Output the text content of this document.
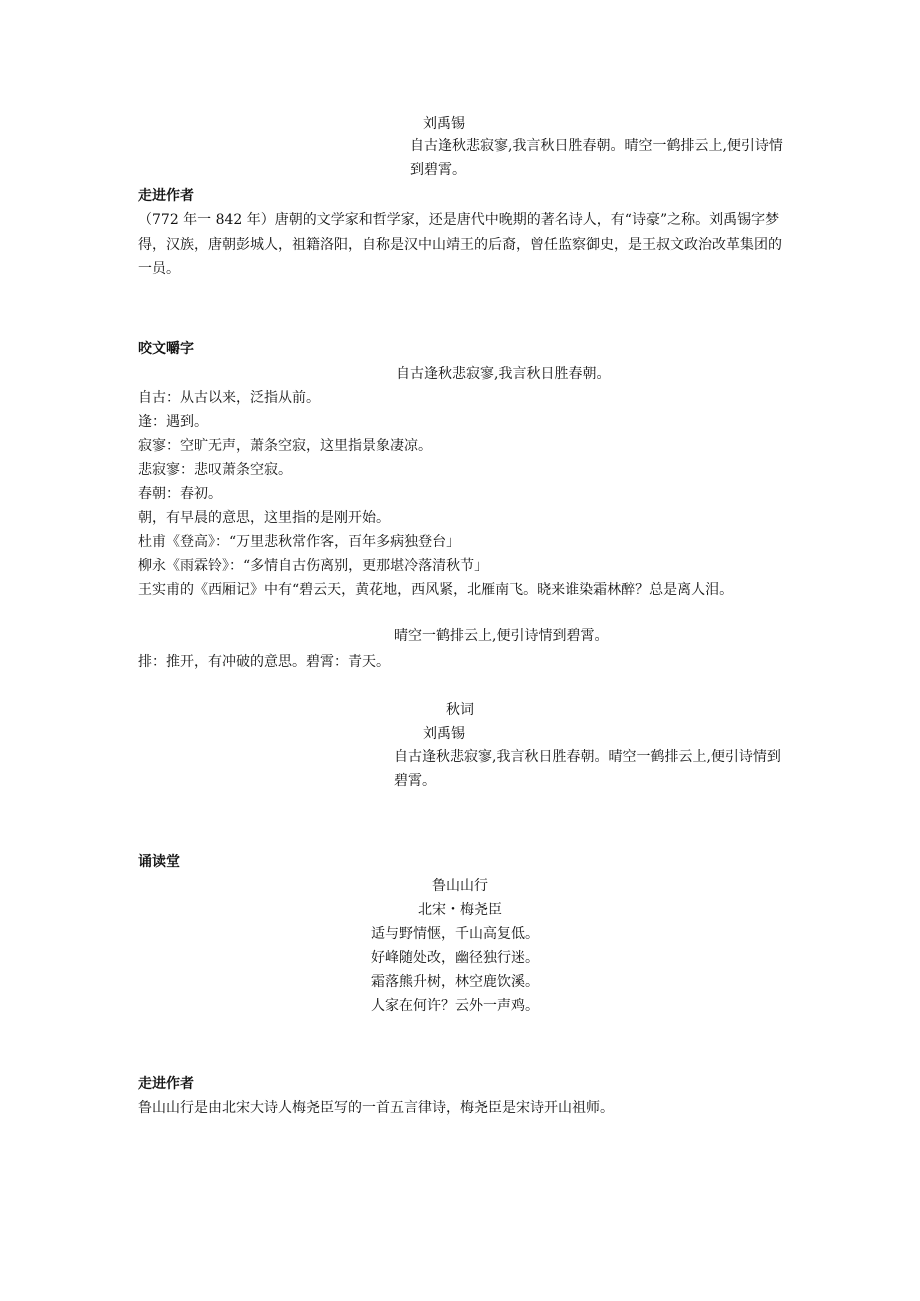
刘禹锡
自古逢秋悲寂寥,我言秋日胜春朝。晴空一鹤排云上,便引诗情到碧霄。
走进作者
（772 年一 842 年）唐朝的文学家和哲学家，还是唐代中晚期的著名诗人，有“诗豪”之称。刘禹锡字梦得，汉族，唐朝彭城人，祖籍洛阳，自称是汉中山靖王的后裔，曾任监察御史，是王叔文政治改革集团的一员。
咬文嚼字
自古逢秋悲寂寥,我言秋日胜春朝。
自古：从古以来，泛指从前。
逢：遇到。
寂寥：空旷无声，萧条空寂，这里指景象凄凉。
悲寂寥：悲叹萧条空寂。
春朝：春初。
朝，有早晨的意思，这里指的是刚开始。
杜甫《登高》：“万里悲秋常作客，百年多病独登台」
柳永《雨霖铃》：“多情自古伤离别，更那堪冷落清秋节」
王实甫的《西厢记》中有“碧云天，黄花地，西风紧，北雁南飞。晓来谁染霜林醉？总是离人泪。
晴空一鹤排云上,便引诗情到碧霄。
排：推开，有冲破的意思。碧霄：青天。
秋词
刘禹锡
自古逢秋悲寂寥,我言秋日胜春朝。晴空一鹤排云上,便引诗情到碧霄。
诵读堂
鲁山山行
北宋・梅尧臣
适与野情惬，千山高复低。
好峰随处改，幽径独行迷。
霜落熊升树，林空鹿饮溪。
人家在何许？云外一声鸡。
走进作者
鲁山山行是由北宋大诗人梅尧臣写的一首五言律诗，梅尧臣是宋诗开山祖师。
